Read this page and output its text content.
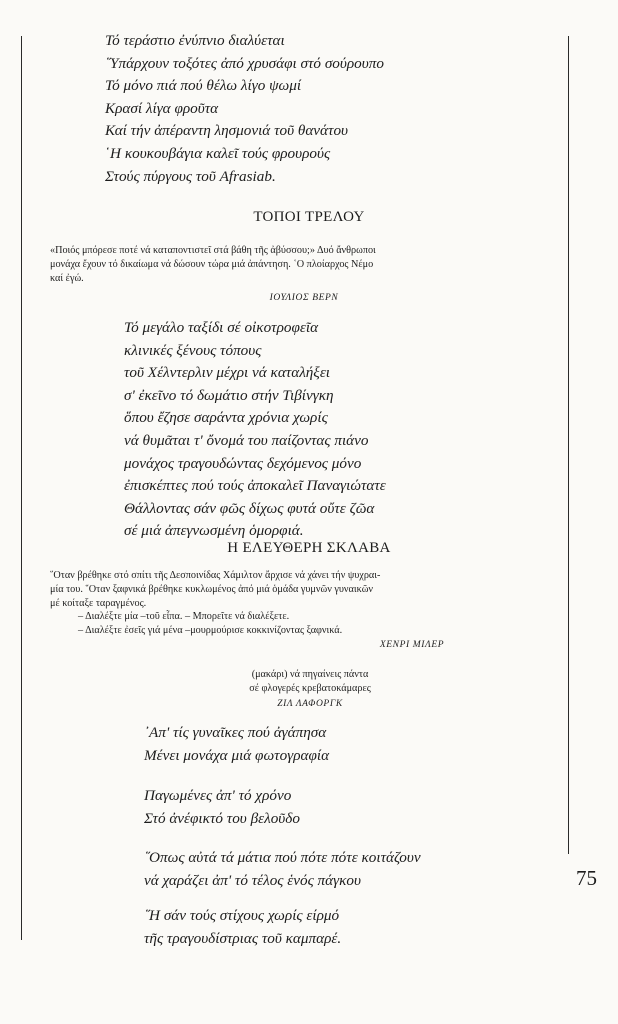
Τό τεράστιο ἐνύπνιο διαλύεται
῞Υπάρχουν τοξότες ἀπό χρυσάφι στό σούρουπο
Τό μόνο πιά πού θέλω λίγο ψωμί
Κρασί λίγα φροῦτα
Καί τήν ἀπέραντη λησμονιά τοῦ θανάτου
῾Η κουκουβάγια καλεῖ τούς φρουρούς
Στούς πύργους τοῦ Afrasiab.
ΤΟΠΟΙ ΤΡΕΛΟΥ
«Ποιός μπόρεσε ποτέ νά καταποντιστεῖ στά βάθη τῆς ἀβύσσου;» Δυό ἄνθρωποι
μονάχα ἔχουν τό δικαίωμα νά δώσουν τώρα μιά ἀπάντηση. ῾Ο πλοίαρχος Νέμο
καί ἐγώ.
ΙΟΥΛΙΟΣ ΒΕΡΝ
Τό μεγάλο ταξίδι σέ οἰκοτροφεῖα
κλινικές ξένους τόπους
τοῦ Χέλντερλιν μέχρι νά καταλήξει
σ' ἐκεῖνο τό δωμάτιο στήν Τιβίνγκη
ὅπου ἔζησε σαράντα χρόνια χωρίς
νά θυμᾶται τ' ὄνομά του παίζοντας πιάνο
μονάχος τραγουδώντας δεχόμενος μόνο
ἐπισκέπτες πού τούς ἀποκαλεῖ Παναγιώτατε
Θάλλοντας σάν φῶς δίχως φυτά οὔτε ζῶα
σέ μιά ἀπεγνωσμένη ὁμορφιά.
Η ΕΛΕΥΘΕΡΗ ΣΚΛΑΒΑ
῞Οταν βρέθηκε στό σπίτι τῆς Δεσποινίδας Χάμιλτον ἄρχισε νά χάνει τήν ψυχραι-
μία του. ῞Οταν ξαφνικά βρέθηκε κυκλωμένος ἀπό μιά ὁμάδα γυμνῶν γυναικῶν
μέ κοίταξε ταραγμένος.
– Διαλέξτε μία –τοῦ εἶπα. – Μπορεῖτε νά διαλέξετε.
– Διαλέξτε ἐσεῖς γιά μένα –μουρμούρισε κοκκινίζοντας ξαφνικά.
ΧΕΝΡΙ ΜΙΛΕΡ
(μακάρι) νά πηγαίνεις πάντα
σέ φλογερές κρεβατοκάμαρες
ΖΙΛ ΛΑΦΟΡΓΚ
᾿Απ' τίς γυναῖκες πού ἀγάπησα
Μένει μονάχα μιά φωτογραφία
Παγωμένες ἀπ' τό χρόνο
Στό ἀνέφικτό του βελοῦδο
῞Οπως αὐτά τά μάτια πού πότε πότε κοιτάζουν
νά χαράζει ἀπ' τό τέλος ἑνός πάγκου
῞Η σάν τούς στίχους χωρίς είρμό
τῆς τραγουδίστριας τοῦ καμπαρέ.
75
